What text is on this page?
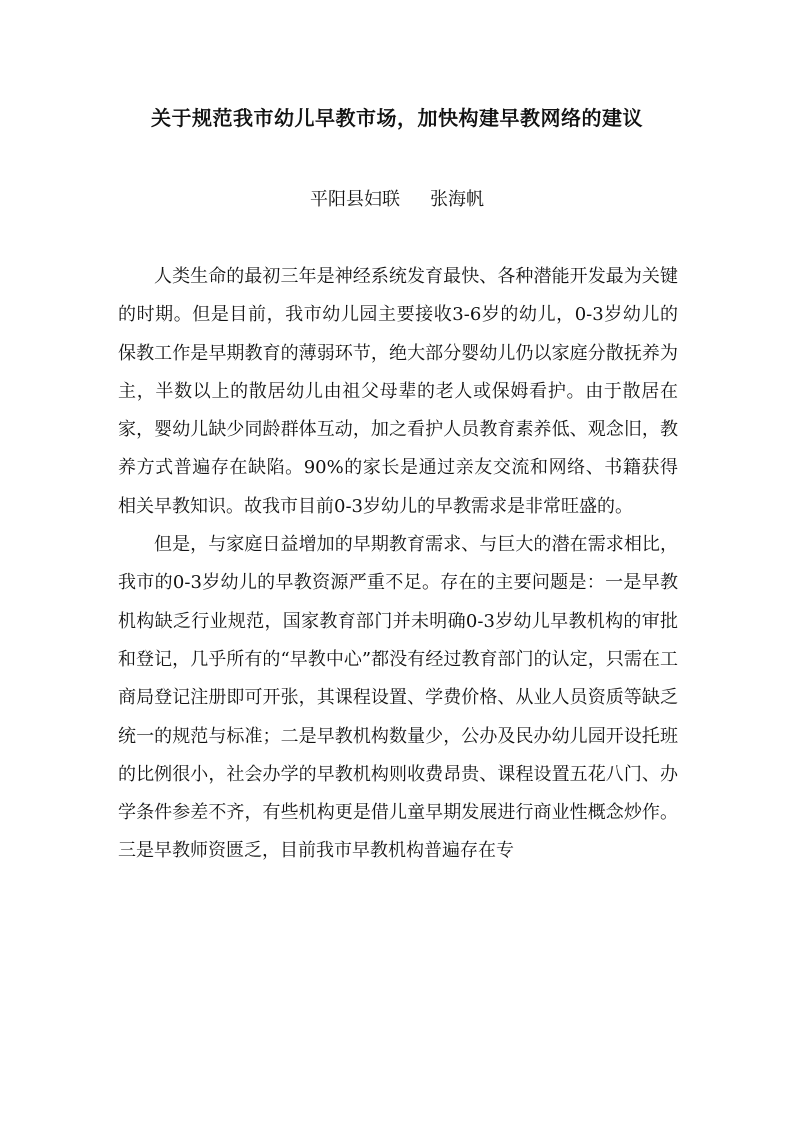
关于规范我市幼儿早教市场，加快构建早教网络的建议
平阳县妇联 张海帆

人类生命的最初三年是神经系统发育最快、各种潜能开发最为关键的时期。但是目前，我市幼儿园主要接收3-6岁的幼儿，0-3岁幼儿的保教工作是早期教育的薄弱环节，绝大部分婴幼儿仍以家庭分散抚养为主，半数以上的散居幼儿由祖父母辈的老人或保姆看护。由于散居在家，婴幼儿缺少同龄群体互动，加之看护人员教育素养低、观念旧，教养方式普遍存在缺陷。90%的家长是通过亲友交流和网络、书籍获得相关早教知识。故我市目前0-3岁幼儿的早教需求是非常旺盛的。

但是，与家庭日益增加的早期教育需求、与巨大的潜在需求相比，我市的0-3岁幼儿的早教资源严重不足。存在的主要问题是：一是早教机构缺乏行业规范，国家教育部门并未明确0-3岁幼儿早教机构的审批和登记，几乎所有的“早教中心”都没有经过教育部门的认定，只需在工商局登记注册即可开张，其课程设置、学费价格、从业人员资质等缺乏统一的规范与标准；二是早教机构数量少，公办及民办幼儿园开设托班的比例很小，社会办学的早教机构则收费昂贵、课程设置五花八门、办学条件参差不齐，有些机构更是借儿童早期发展进行商业性概念炒作。三是早教师资匮乏，目前我市早教机构普遍存在专
